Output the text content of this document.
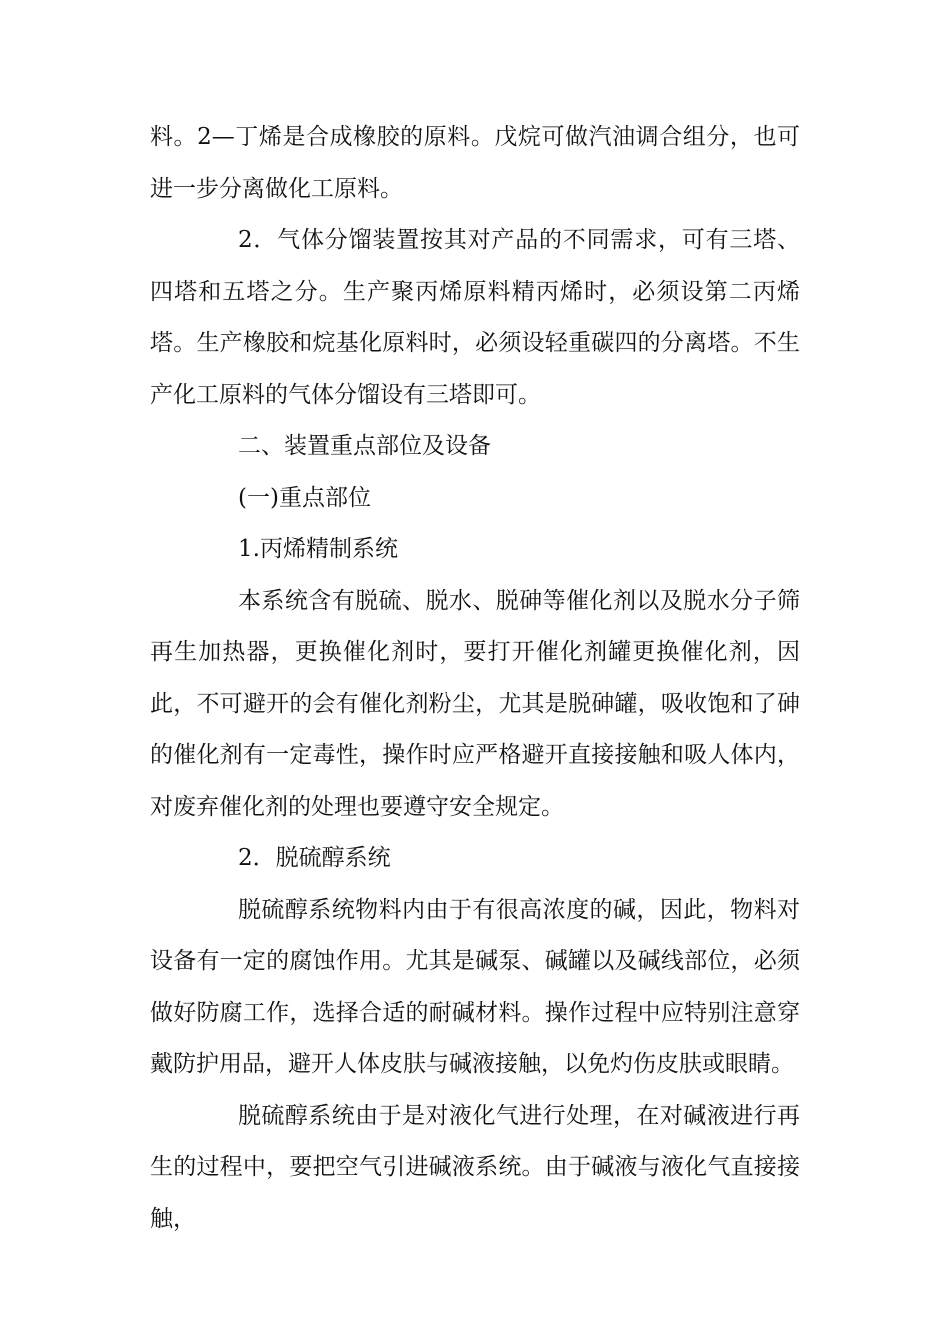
料。2—丁烯是合成橡胶的原料。戊烷可做汽油调合组分，也可进一步分离做化工原料。

2．气体分馏装置按其对产品的不同需求，可有三塔、四塔和五塔之分。生产聚丙烯原料精丙烯时，必须设第二丙烯塔。生产橡胶和烷基化原料时，必须设轻重碳四的分离塔。不生产化工原料的气体分馏设有三塔即可。

二、装置重点部位及设备

(一)重点部位

1.丙烯精制系统

本系统含有脱硫、脱水、脱砷等催化剂以及脱水分子筛再生加热器，更换催化剂时，要打开催化剂罐更换催化剂，因此，不可避开的会有催化剂粉尘，尤其是脱砷罐，吸收饱和了砷的催化剂有一定毒性，操作时应严格避开直接接触和吸人体内，对废弃催化剂的处理也要遵守安全规定。

2．脱硫醇系统

脱硫醇系统物料内由于有很高浓度的碱，因此，物料对设备有一定的腐蚀作用。尤其是碱泵、碱罐以及碱线部位，必须做好防腐工作，选择合适的耐碱材料。操作过程中应特别注意穿戴防护用品，避开人体皮肤与碱液接触，以免灼伤皮肤或眼睛。

脱硫醇系统由于是对液化气进行处理，在对碱液进行再生的过程中，要把空气引进碱液系统。由于碱液与液化气直接接触，
